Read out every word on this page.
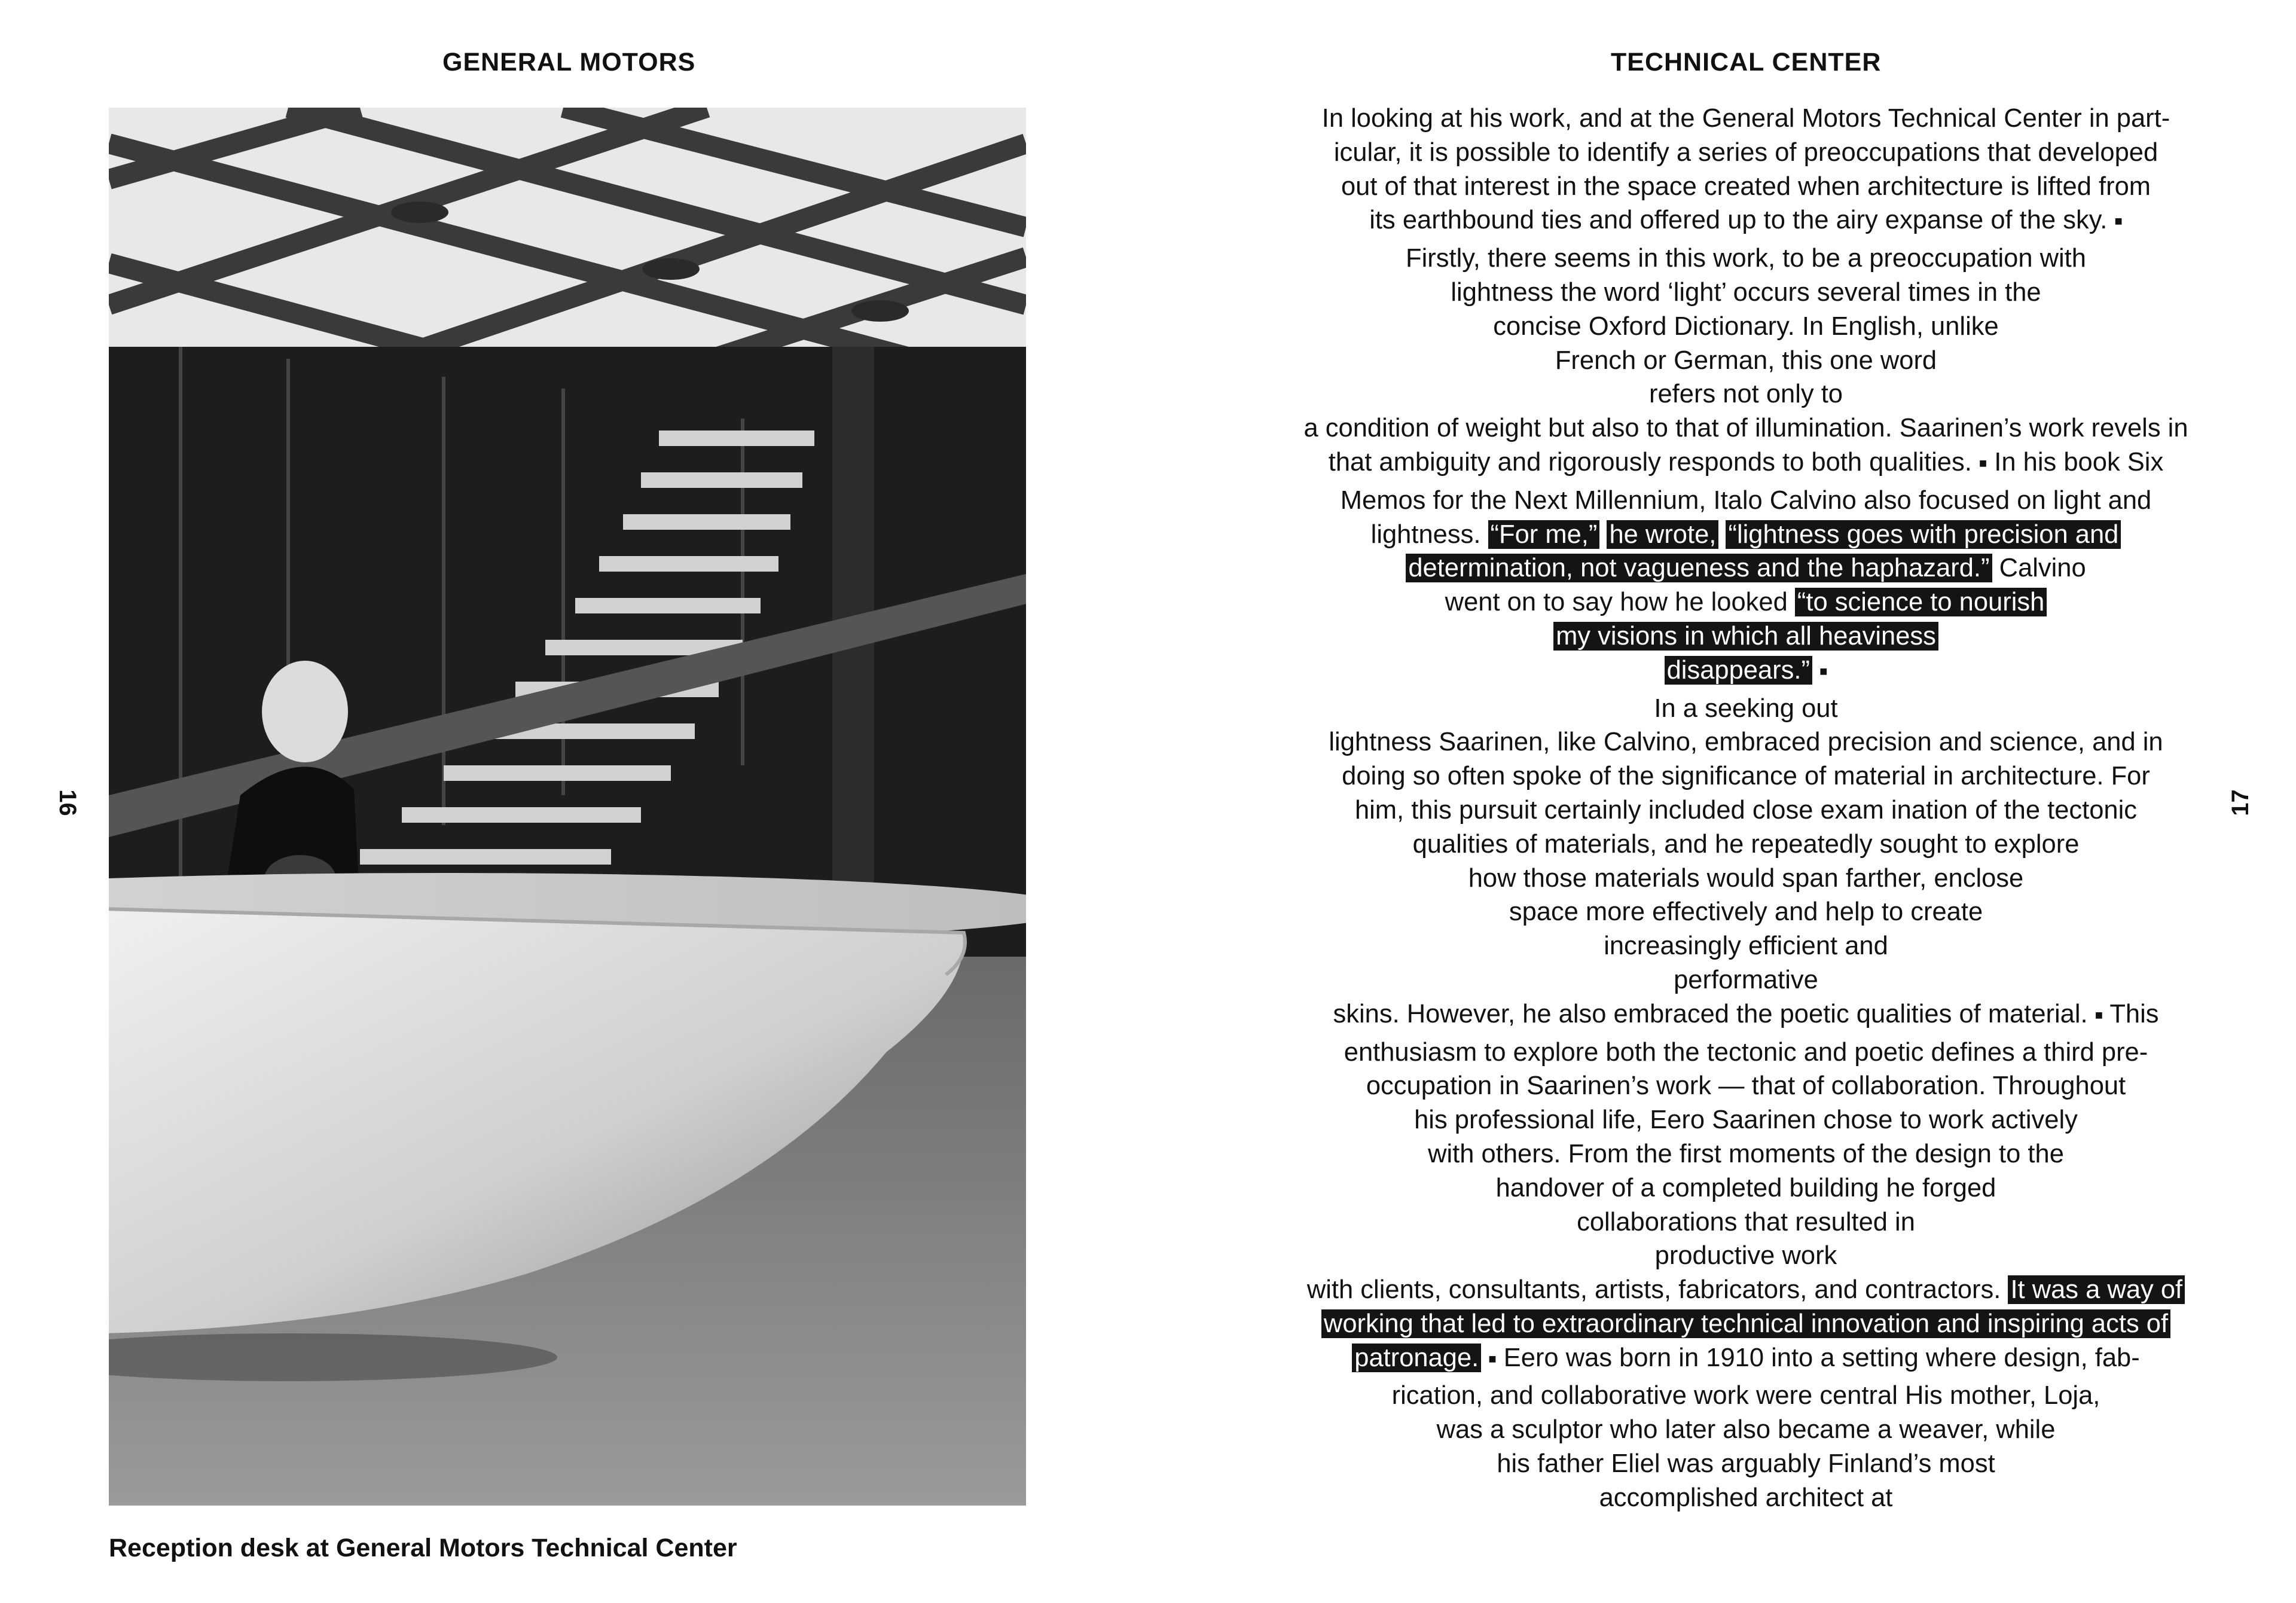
GENERAL MOTORS	TECHNICAL CENTER
16	17

Reception desk at General Motors Technical Center

In looking at his work, and at the General Motors Technical Center in part-
icular, it is possible to identify a series of preoccupations that developed
out of that interest in the space created when architecture is lifted from
its earthbound ties and offered up to the airy expanse of the sky. ■
Firstly, there seems in this work, to be a preoccupation with
lightness the word ‘light’ occurs several times in the
concise Oxford Dictionary. In English, unlike
French or German, this one word
refers not only to
a condition of weight but also to that of illumination. Saarinen’s work revels in
that ambiguity and rigorously responds to both qualities. ■ In his book Six
Memos for the Next Millennium, Italo Calvino also focused on light and
lightness. “For me,” he wrote, “lightness goes with precision and
determination, not vagueness and the haphazard.” Calvino
went on to say how he looked “to science to nourish
my visions in which all heaviness
disappears.” ■
In a seeking out
lightness Saarinen, like Calvino, embraced precision and science, and in
doing so often spoke of the significance of material in architecture. For
him, this pursuit certainly included close exam ination of the tectonic
qualities of materials, and he repeatedly sought to explore
how those materials would span farther, enclose
space more effectively and help to create
increasingly efficient and
performative
skins. However, he also embraced the poetic qualities of material. ■ This
enthusiasm to explore both the tectonic and poetic defines a third pre-
occupation in Saarinen’s work — that of collaboration. Throughout
his professional life, Eero Saarinen chose to work actively
with others. From the first moments of the design to the
handover of a completed building he forged
collaborations that resulted in
productive work
with clients, consultants, artists, fabricators, and contractors. It was a way of
working that led to extraordinary technical innovation and inspiring acts of
patronage. ■ Eero was born in 1910 into a setting where design, fab-
rication, and collaborative work were central His mother, Loja,
was a sculptor who later also became a weaver, while
his father Eliel was arguably Finland’s most
accomplished architect at
